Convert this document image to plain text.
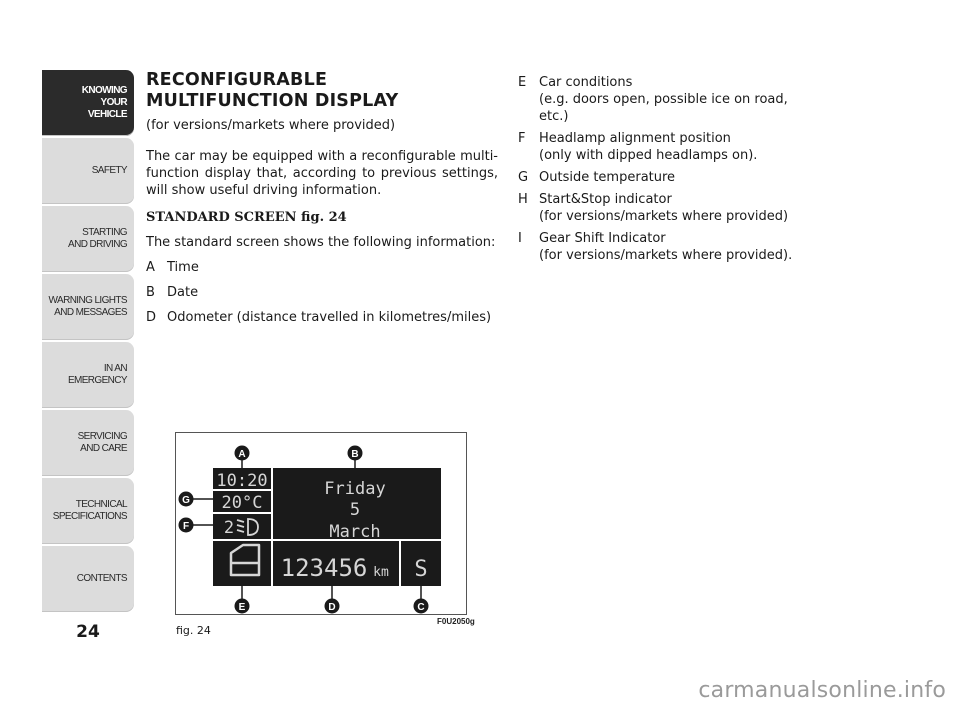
KNOWING
YOUR
VEHICLE
SAFETY
STARTING
AND DRIVING
WARNING LIGHTS
AND MESSAGES
IN AN
EMERGENCY
SERVICING
AND CARE
TECHNICAL
SPECIFICATIONS
CONTENTS
24
RECONFIGURABLE
MULTIFUNCTION DISPLAY

(for versions/markets where provided)

The car may be equipped with a reconfigurable multi-function display that, according to previous settings, will show useful driving information.

STANDARD SCREEN fig. 24

The standard screen shows the following information:

A Time
B Date
D Odometer (distance travelled in kilometres/miles)
E Car conditions
(e.g. doors open, possible ice on road, etc.)
F	Headlamp alignment position
(only with dipped headlamps on).
G Outside temperature
H Start&Stop indicator
(for versions/markets where provided)
I	Gear Shift Indicator
(for versions/markets where provided).
10:20
20°C
2
Friday
5
March
123456 km S
A	B
G
F
E	D	C
F0U2050g
fig. 24
carmanualsonline.info
